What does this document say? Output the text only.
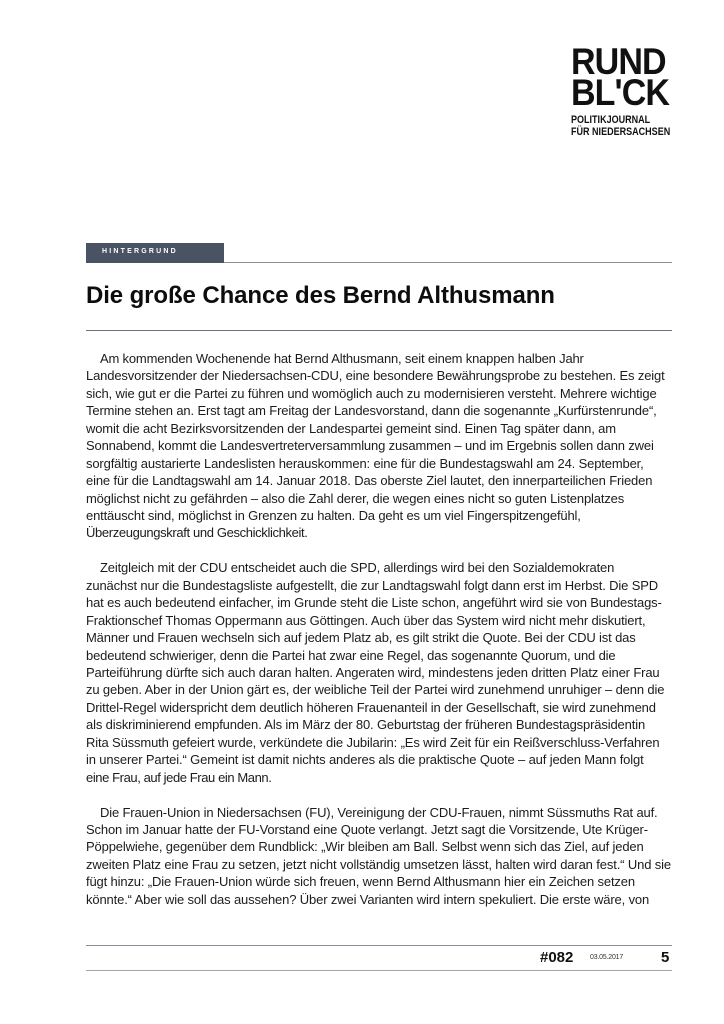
RUND
BL'CK
POLITIKJOURNAL
FÜR NIEDERSACHSEN
HINTERGRUND
Die große Chance des Bernd Althusmann
Am kommenden Wochenende hat Bernd Althusmann, seit einem knappen halben Jahr
Landesvorsitzender der Niedersachsen-CDU, eine besondere Bewährungsprobe zu bestehen. Es zeigt
sich, wie gut er die Partei zu führen und womöglich auch zu modernisieren versteht. Mehrere wichtige
Termine stehen an. Erst tagt am Freitag der Landesvorstand, dann die sogenannte „Kurfürstenrunde“,
womit die acht Bezirksvorsitzenden der Landespartei gemeint sind. Einen Tag später dann, am
Sonnabend, kommt die Landesvertreterversammlung zusammen – und im Ergebnis sollen dann zwei
sorgfältig austarierte Landeslisten herauskommen: eine für die Bundestagswahl am 24. September,
eine für die Landtagswahl am 14. Januar 2018. Das oberste Ziel lautet, den innerparteilichen Frieden
möglichst nicht zu gefährden – also die Zahl derer, die wegen eines nicht so guten Listenplatzes
enttäuscht sind, möglichst in Grenzen zu halten. Da geht es um viel Fingerspitzengefühl,
Überzeugungskraft und Geschicklichkeit.
Zeitgleich mit der CDU entscheidet auch die SPD, allerdings wird bei den Sozialdemokraten
zunächst nur die Bundestagsliste aufgestellt, die zur Landtagswahl folgt dann erst im Herbst. Die SPD
hat es auch bedeutend einfacher, im Grunde steht die Liste schon, angeführt wird sie von Bundestags-
Fraktionschef Thomas Oppermann aus Göttingen. Auch über das System wird nicht mehr diskutiert,
Männer und Frauen wechseln sich auf jedem Platz ab, es gilt strikt die Quote. Bei der CDU ist das
bedeutend schwieriger, denn die Partei hat zwar eine Regel, das sogenannte Quorum, und die
Parteiführung dürfte sich auch daran halten. Angeraten wird, mindestens jeden dritten Platz einer Frau
zu geben. Aber in der Union gärt es, der weibliche Teil der Partei wird zunehmend unruhiger – denn die
Drittel-Regel widerspricht dem deutlich höheren Frauenanteil in der Gesellschaft, sie wird zunehmend
als diskriminierend empfunden. Als im März der 80. Geburtstag der früheren Bundestagspräsidentin
Rita Süssmuth gefeiert wurde, verkündete die Jubilarin: „Es wird Zeit für ein Reißverschluss-Verfahren
in unserer Partei.“ Gemeint ist damit nichts anderes als die praktische Quote – auf jeden Mann folgt
eine Frau, auf jede Frau ein Mann.
Die Frauen-Union in Niedersachsen (FU), Vereinigung der CDU-Frauen, nimmt Süssmuths Rat auf.
Schon im Januar hatte der FU-Vorstand eine Quote verlangt. Jetzt sagt die Vorsitzende, Ute Krüger-
Pöppelwiehe, gegenüber dem Rundblick: „Wir bleiben am Ball. Selbst wenn sich das Ziel, auf jeden
zweiten Platz eine Frau zu setzen, jetzt nicht vollständig umsetzen lässt, halten wird daran fest.“ Und sie
fügt hinzu: „Die Frauen-Union würde sich freuen, wenn Bernd Althusmann hier ein Zeichen setzen
könnte.“ Aber wie soll das aussehen? Über zwei Varianten wird intern spekuliert. Die erste wäre, von
#082 03.05.2017	5
